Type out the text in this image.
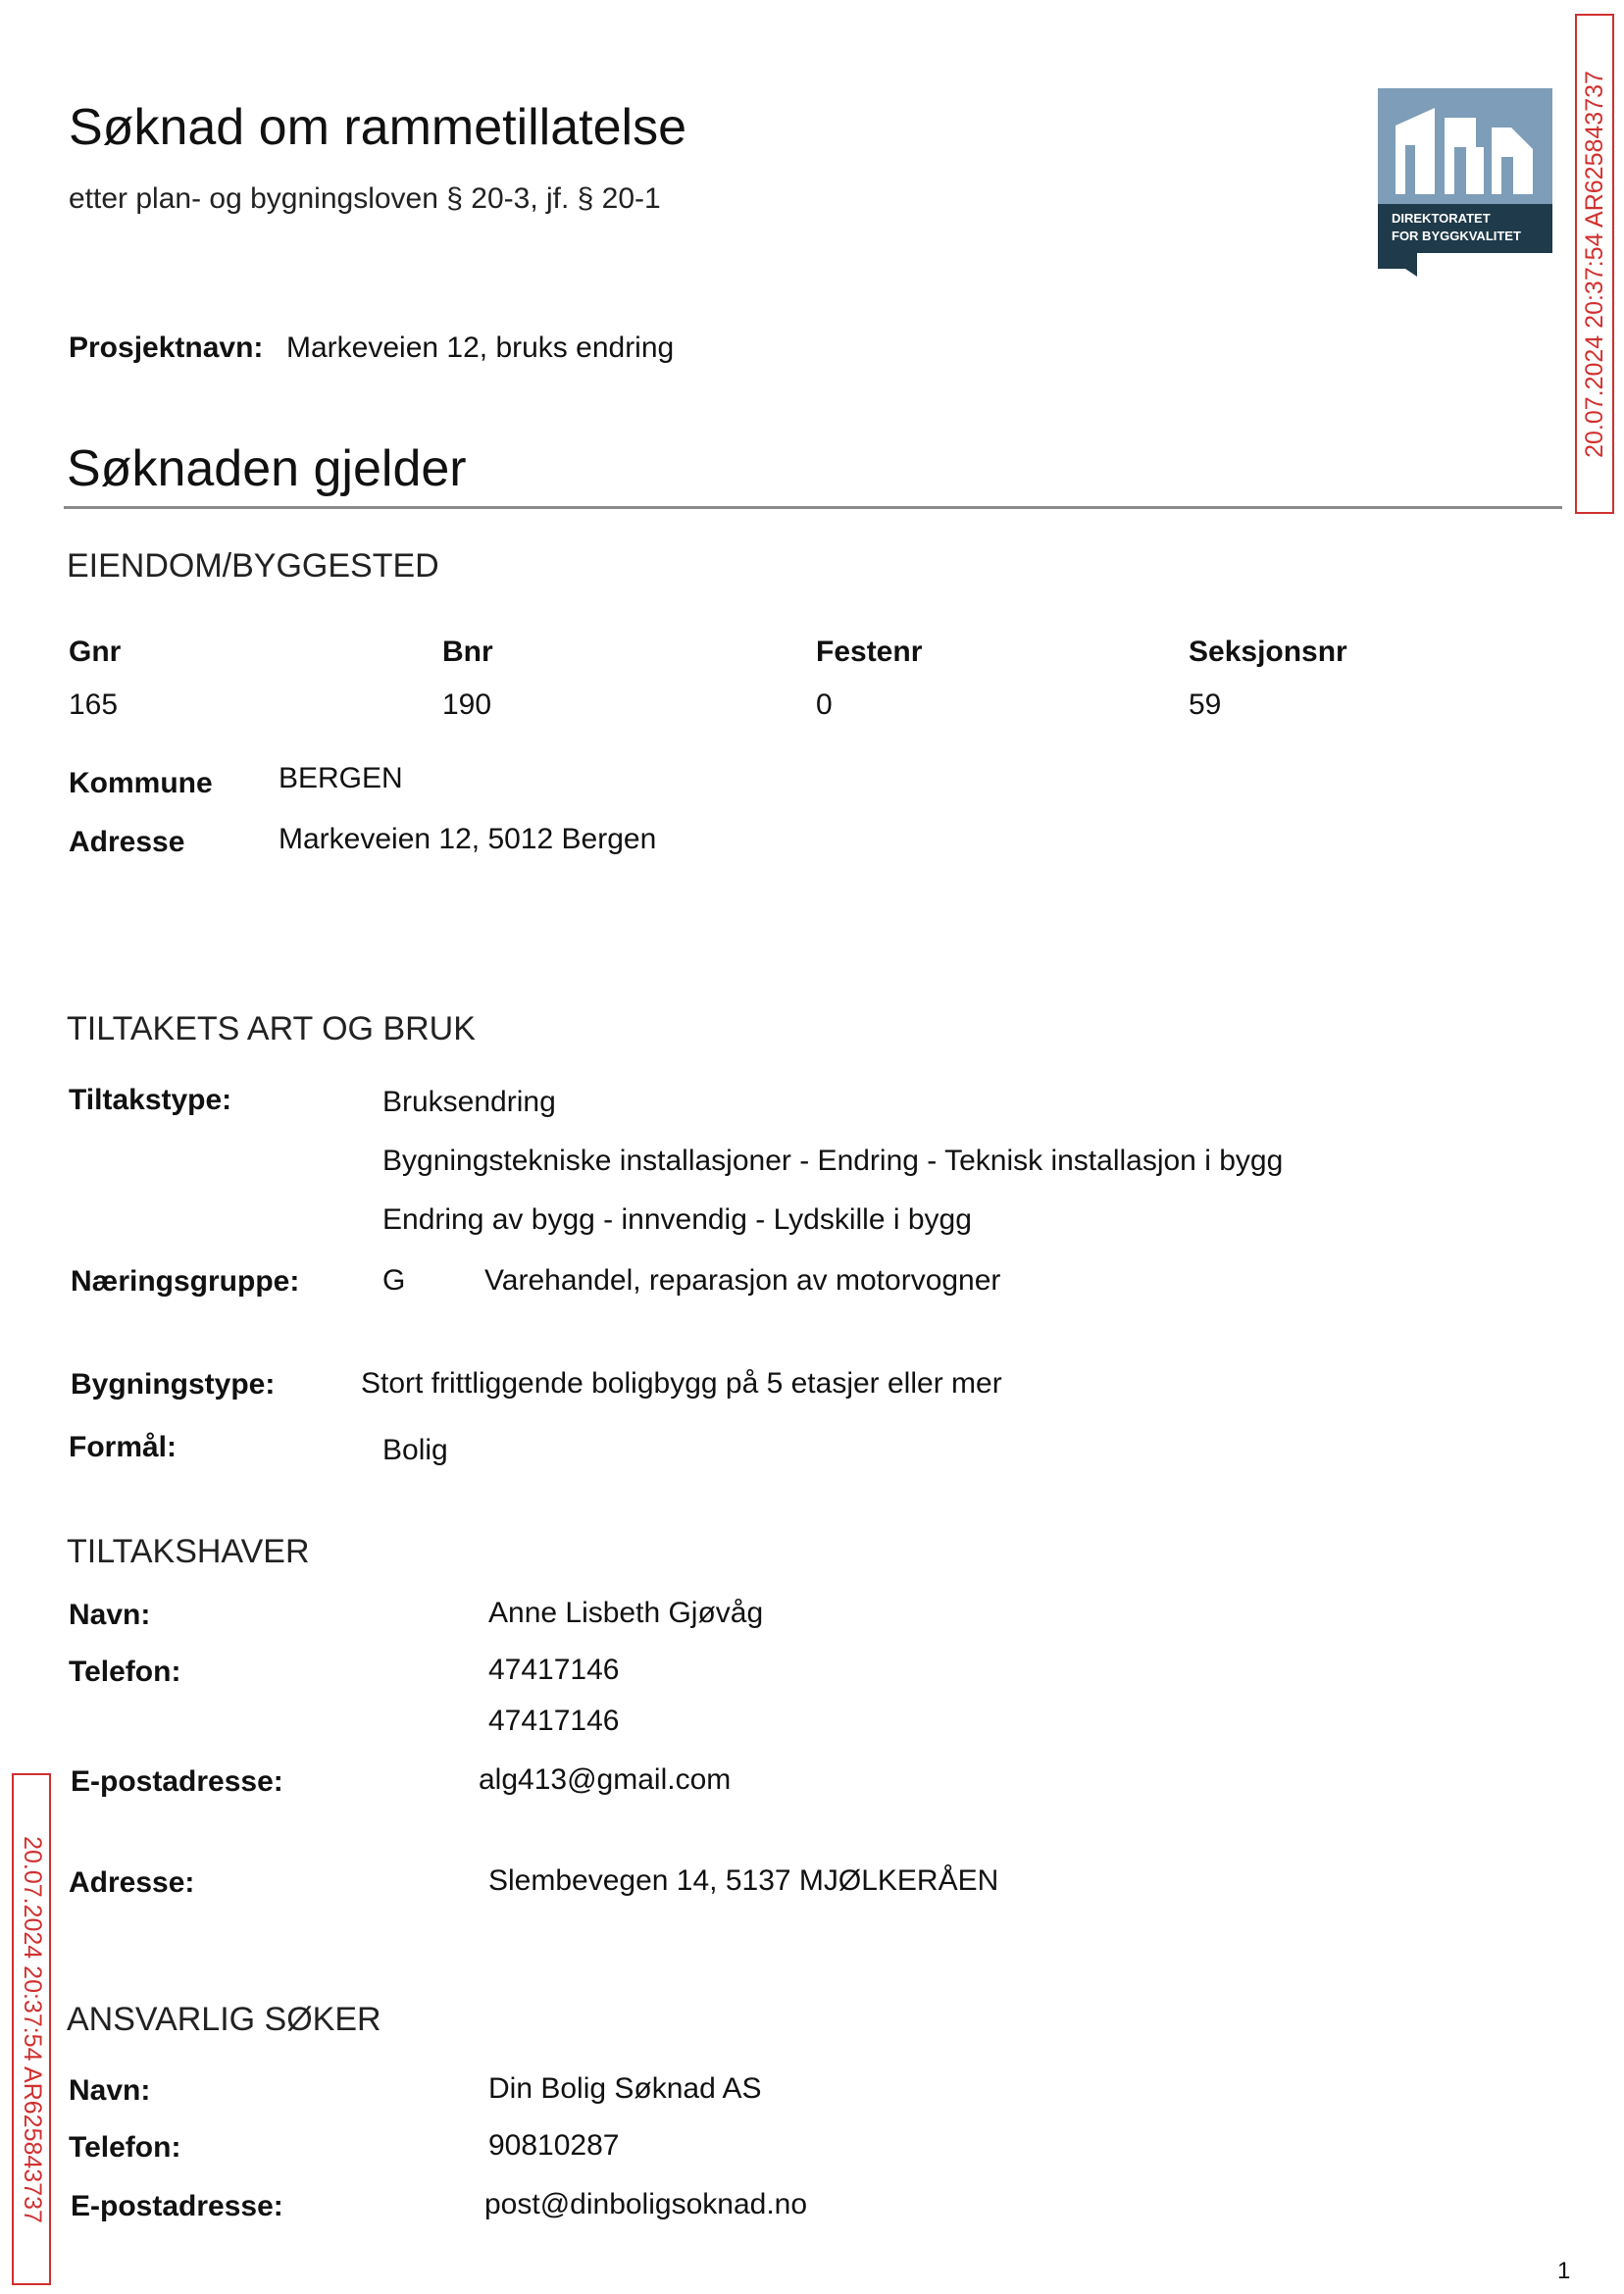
Søknad om rammetillatelse
etter plan- og bygningsloven § 20-3, jf. § 20-1
DIREKTORATET
FOR BYGGKVALITET 20.07.2024 20:37:54 AR625843737
20.07.2024 20:37:54 AR625843737
Prosjektnavn: Markeveien 12, bruks endring
Søknaden gjelder
EIENDOM/BYGGESTED
Gnr	Bnr	Festenr	Seksjonsnr
165	190	0	59
Kommune BERGEN
Adresse	Markeveien 12, 5012 Bergen
TILTAKETS ART OG BRUK
Tiltakstype:	Bruksendring
Bygningstekniske installasjoner - Endring - Teknisk installasjon i bygg
Endring av bygg - innvendig - Lydskille i bygg
Næringsgruppe:	G	Varehandel, reparasjon av motorvogner
Bygningstype:	Stort frittliggende boligbygg på 5 etasjer eller mer
Formål:	Bolig
TILTAKSHAVER
Navn:	Anne Lisbeth Gjøvåg
Telefon:	47417146
47417146
E-postadresse:	alg413@gmail.com
Adresse:	Slembevegen 14, 5137 MJØLKERÅEN
ANSVARLIG SØKER
Navn:	Din Bolig Søknad AS
Telefon:	90810287
E-postadresse:	post@dinboligsoknad.no
1
